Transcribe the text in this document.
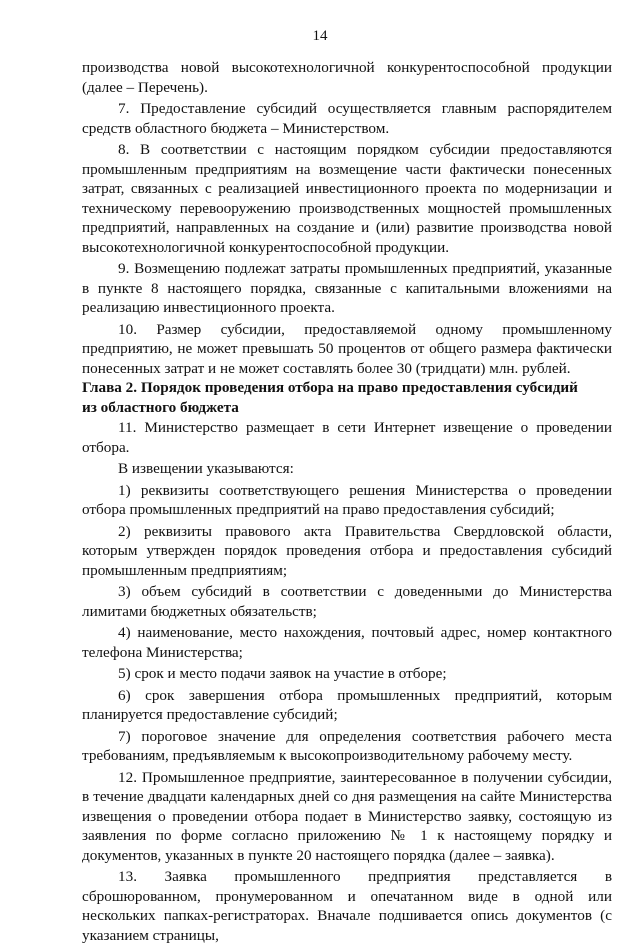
14

производства новой высокотехнологичной конкурентоспособной продукции (далее – Перечень).

7. Предоставление субсидий осуществляется главным распорядителем средств областного бюджета – Министерством.

8. В соответствии с настоящим порядком субсидии предоставляются промышленным предприятиям на возмещение части фактически понесенных затрат, связанных с реализацией инвестиционного проекта по модернизации и техническому перевооружению производственных мощностей промышленных предприятий, направленных на создание и (или) развитие производства новой высокотехнологичной конкурентоспособной продукции.

9. Возмещению подлежат затраты промышленных предприятий, указанные в пункте 8 настоящего порядка, связанные с капитальными вложениями на реализацию инвестиционного проекта.

10. Размер субсидии, предоставляемой одному промышленному предприятию, не может превышать 50 процентов от общего размера фактически понесенных затрат и не может составлять более 30 (тридцати) млн. рублей.

Глава 2. Порядок проведения отбора на право предоставления субсидий
из областного бюджета

11. Министерство размещает в сети Интернет извещение о проведении отбора.

В извещении указываются:

1) реквизиты соответствующего решения Министерства о проведении отбора промышленных предприятий на право предоставления субсидий;

2) реквизиты правового акта Правительства Свердловской области, которым утвержден порядок проведения отбора и предоставления субсидий промышленным предприятиям;

3) объем субсидий в соответствии с доведенными до Министерства лимитами бюджетных обязательств;

4) наименование, место нахождения, почтовый адрес, номер контактного телефона Министерства;

5) срок и место подачи заявок на участие в отборе;

6) срок завершения отбора промышленных предприятий, которым планируется предоставление субсидий;

7) пороговое значение для определения соответствия рабочего места требованиям, предъявляемым к высокопроизводительному рабочему месту.

12. Промышленное предприятие, заинтересованное в получении субсидии, в течение двадцати календарных дней со дня размещения на сайте Министерства извещения о проведении отбора подает в Министерство заявку, состоящую из заявления по форме согласно приложению № 1 к настоящему порядку и документов, указанных в пункте 20 настоящего порядка (далее – заявка).

13. Заявка промышленного предприятия представляется в сброшюрованном, пронумерованном и опечатанном виде в одной или нескольких папках-регистраторах. Вначале подшивается опись документов (с указанием страницы,
